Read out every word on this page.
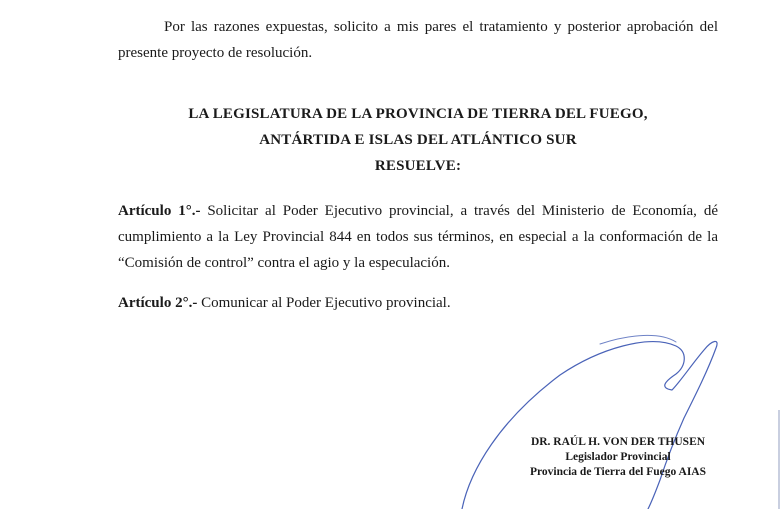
Por las razones expuestas, solicito a mis pares el tratamiento y posterior aprobación del presente proyecto de resolución.

LA LEGISLATURA DE LA PROVINCIA DE TIERRA DEL FUEGO,
ANTÁRTIDA E ISLAS DEL ATLÁNTICO SUR
RESUELVE:

Artículo 1°.- Solicitar al Poder Ejecutivo provincial, a través del Ministerio de Economía, dé cumplimiento a la Ley Provincial 844 en todos sus términos, en especial a la conformación de la “Comisión de control” contra el agio y la especulación.

Artículo 2°.- Comunicar al Poder Ejecutivo provincial.

DR. RAÚL H. VON DER THUSEN
Legislador Provincial
Provincia de Tierra del Fuego AIAS
